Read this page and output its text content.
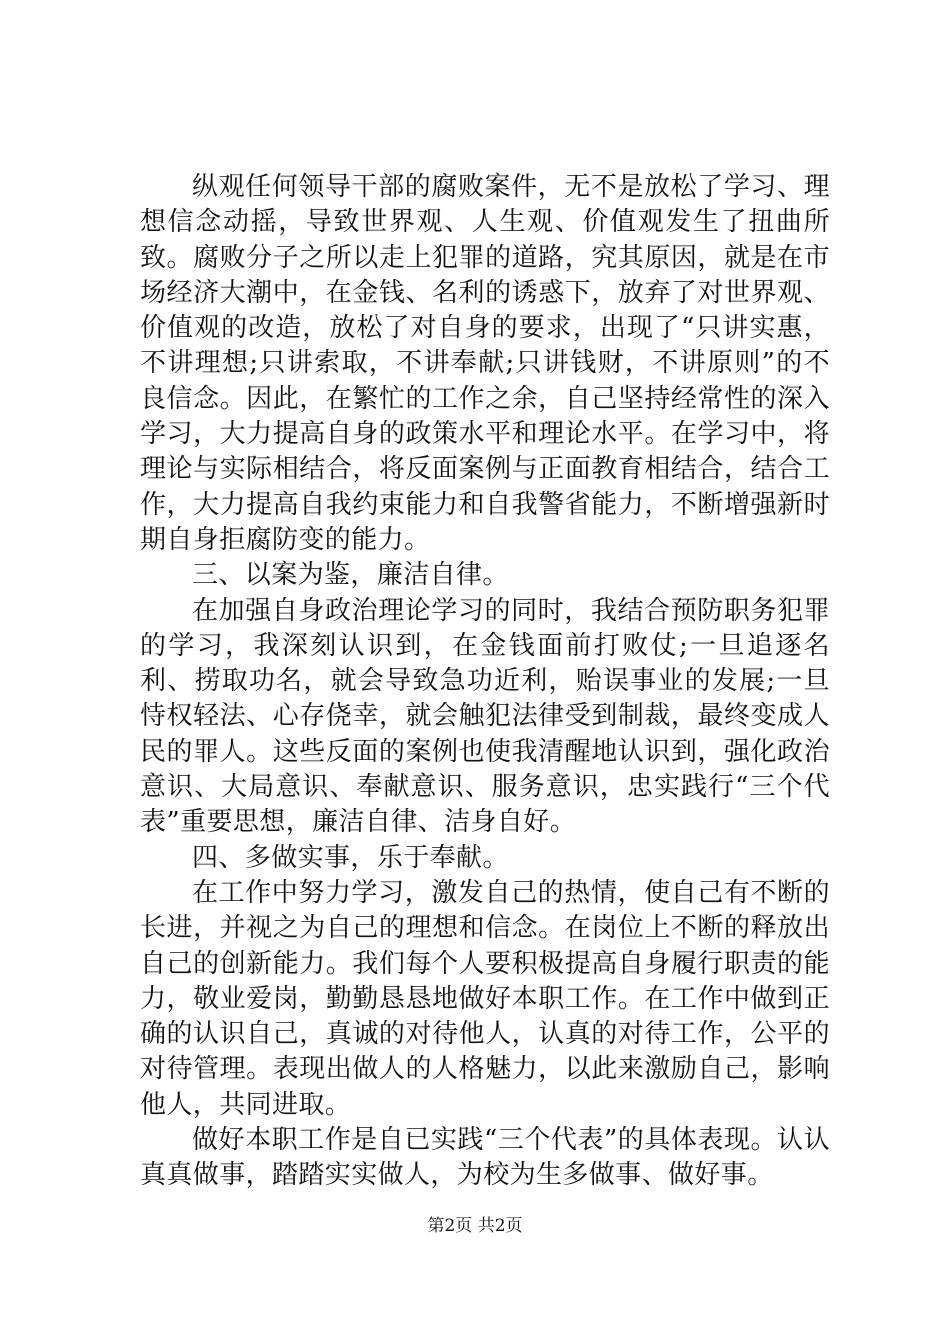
纵观任何领导干部的腐败案件，无不是放松了学习、理想信念动摇，导致世界观、人生观、价值观发生了扭曲所致。腐败分子之所以走上犯罪的道路，究其原因，就是在市场经济大潮中，在金钱、名利的诱惑下，放弃了对世界观、价值观的改造，放松了对自身的要求，出现了“只讲实惠，不讲理想;只讲索取，不讲奉献;只讲钱财，不讲原则”的不良信念。因此，在繁忙的工作之余，自己坚持经常性的深入学习，大力提高自身的政策水平和理论水平。在学习中，将理论与实际相结合，将反面案例与正面教育相结合，结合工作，大力提高自我约束能力和自我警省能力，不断增强新时期自身拒腐防变的能力。

三、以案为鉴，廉洁自律。

在加强自身政治理论学习的同时，我结合预防职务犯罪的学习，我深刻认识到，在金钱面前打败仗;一旦追逐名利、捞取功名，就会导致急功近利，贻误事业的发展;一旦恃权轻法、心存侥幸，就会触犯法律受到制裁，最终变成人民的罪人。这些反面的案例也使我清醒地认识到，强化政治意识、大局意识、奉献意识、服务意识，忠实践行“三个代表”重要思想，廉洁自律、洁身自好。

四、多做实事，乐于奉献。

在工作中努力学习，激发自己的热情，使自己有不断的长进，并视之为自己的理想和信念。在岗位上不断的释放出自己的创新能力。我们每个人要积极提高自身履行职责的能力，敬业爱岗，勤勤恳恳地做好本职工作。在工作中做到正确的认识自己，真诚的对待他人，认真的对待工作，公平的对待管理。表现出做人的人格魅力，以此来激励自己，影响他人，共同进取。

做好本职工作是自已实践“三个代表”的具体表现。认认真真做事，踏踏实实做人，为校为生多做事、做好事。

第2页 共2页
